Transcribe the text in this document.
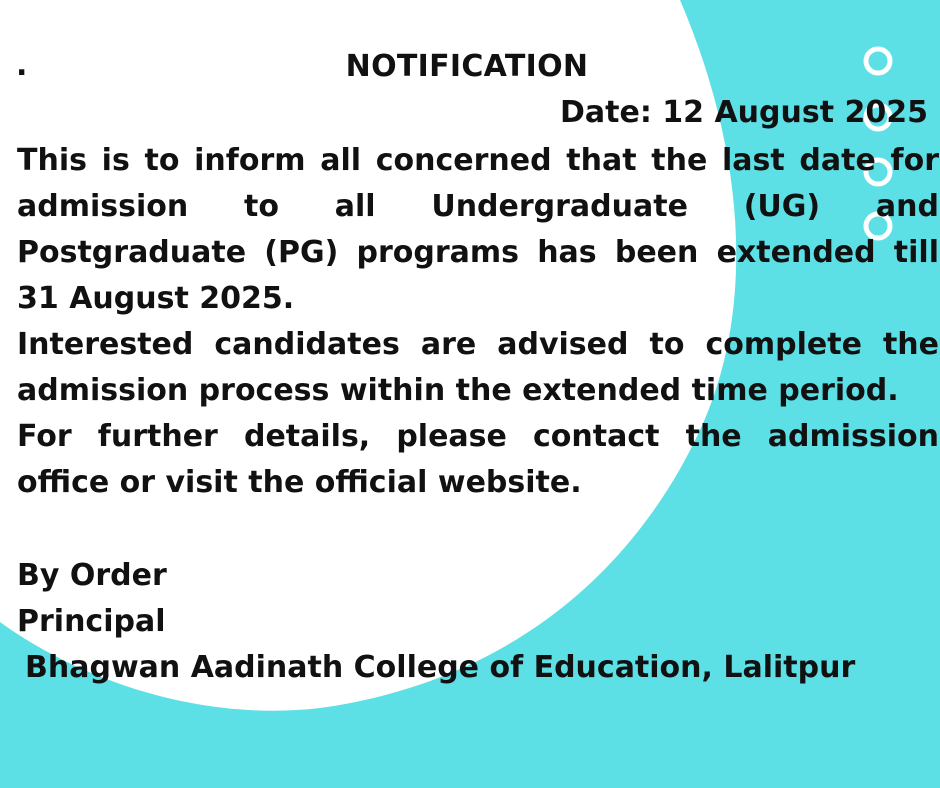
.	NOTIFICATION
Date: 12 August 2025

This is to inform all concerned that the last date for admission to all Undergraduate (UG) and Postgraduate (PG) programs has been extended till 31 August 2025.

Interested candidates are advised to complete the admission process within the extended time period.

For further details, please contact the admission office or visit the official website.

By Order
Principal
Bhagwan Aadinath College of Education, Lalitpur
